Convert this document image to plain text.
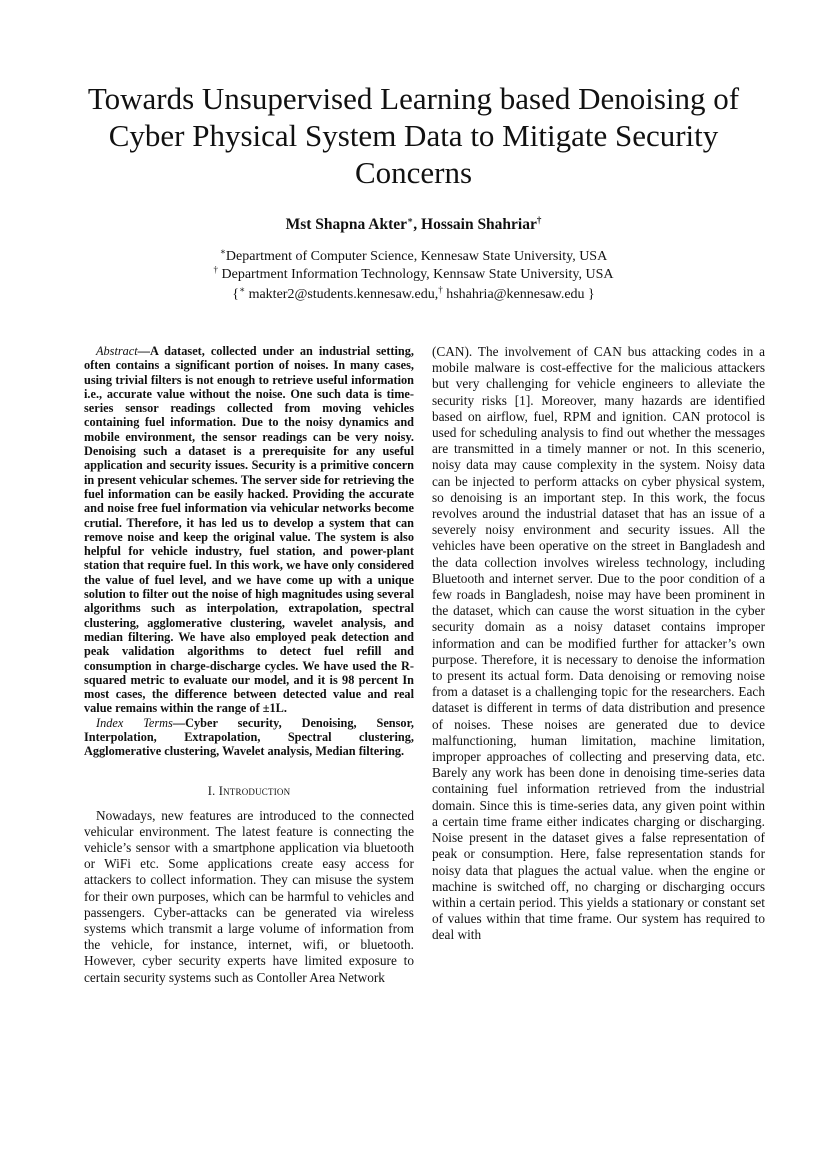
Towards Unsupervised Learning based Denoising of Cyber Physical System Data to Mitigate Security Concerns
Mst Shapna Akter∗, Hossain Shahriar†
∗Department of Computer Science, Kennesaw State University, USA
† Department Information Technology, Kennsaw State University, USA
{∗ makter2@students.kennesaw.edu,† hshahria@kennesaw.edu }

Abstract—A dataset, collected under an industrial setting, often contains a significant portion of noises. In many cases, using trivial filters is not enough to retrieve useful information i.e., accurate value without the noise. One such data is time-series sensor readings collected from moving vehicles containing fuel information. Due to the noisy dynamics and mobile environment, the sensor readings can be very noisy. Denoising such a dataset is a prerequisite for any useful application and security issues. Security is a primitive concern in present vehicular schemes. The server side for retrieving the fuel information can be easily hacked. Providing the accurate and noise free fuel information via vehicular networks become crutial. Therefore, it has led us to develop a system that can remove noise and keep the original value. The system is also helpful for vehicle industry, fuel station, and power-plant station that require fuel. In this work, we have only considered the value of fuel level, and we have come up with a unique solution to filter out the noise of high magnitudes using several algorithms such as interpolation, extrapolation, spectral clustering, agglomerative clustering, wavelet analysis, and median filtering. We have also employed peak detection and peak validation algorithms to detect fuel refill and consumption in charge-discharge cycles. We have used the R-squared metric to evaluate our model, and it is 98 percent In most cases, the difference between detected value and real value remains within the range of ±1L.

Index Terms—Cyber security, Denoising, Sensor, Interpolation, Extrapolation, Spectral clustering, Agglomerative clustering, Wavelet analysis, Median filtering.

I. Introduction

Nowadays, new features are introduced to the connected vehicular environment. The latest feature is connecting the vehicle’s sensor with a smartphone application via bluetooth or WiFi etc. Some applications create easy access for attackers to collect information. They can misuse the system for their own purposes, which can be harmful to vehicles and passengers. Cyber-attacks can be generated via wireless systems which transmit a large volume of information from the vehicle, for instance, internet, wifi, or bluetooth. However, cyber security experts have limited exposure to certain security systems such as Contoller Area Network

(CAN). The involvement of CAN bus attacking codes in a mobile malware is cost-effective for the malicious attackers but very challenging for vehicle engineers to alleviate the security risks [1]. Moreover, many hazards are identified based on airflow, fuel, RPM and ignition. CAN protocol is used for scheduling analysis to find out whether the messages are transmitted in a timely manner or not. In this scenerio, noisy data may cause complexity in the system. Noisy data can be injected to perform attacks on cyber physical system, so denoising is an important step. In this work, the focus revolves around the industrial dataset that has an issue of a severely noisy environment and security issues. All the vehicles have been operative on the street in Bangladesh and the data collection involves wireless technology, including Bluetooth and internet server. Due to the poor condition of a few roads in Bangladesh, noise may have been prominent in the dataset, which can cause the worst situation in the cyber security domain as a noisy dataset contains improper information and can be modified further for attacker’s own purpose. Therefore, it is necessary to denoise the information to present its actual form. Data denoising or removing noise from a dataset is a challenging topic for the researchers. Each dataset is different in terms of data distribution and presence of noises. These noises are generated due to device malfunctioning, human limitation, machine limitation, improper approaches of collecting and preserving data, etc. Barely any work has been done in denoising time-series data containing fuel information retrieved from the industrial domain. Since this is time-series data, any given point within a certain time frame either indicates charging or discharging. Noise present in the dataset gives a false representation of peak or consumption. Here, false representation stands for noisy data that plagues the actual value. when the engine or machine is switched off, no charging or discharging occurs within a certain period. This yields a stationary or constant set of values within that time frame. Our system has required to deal with
